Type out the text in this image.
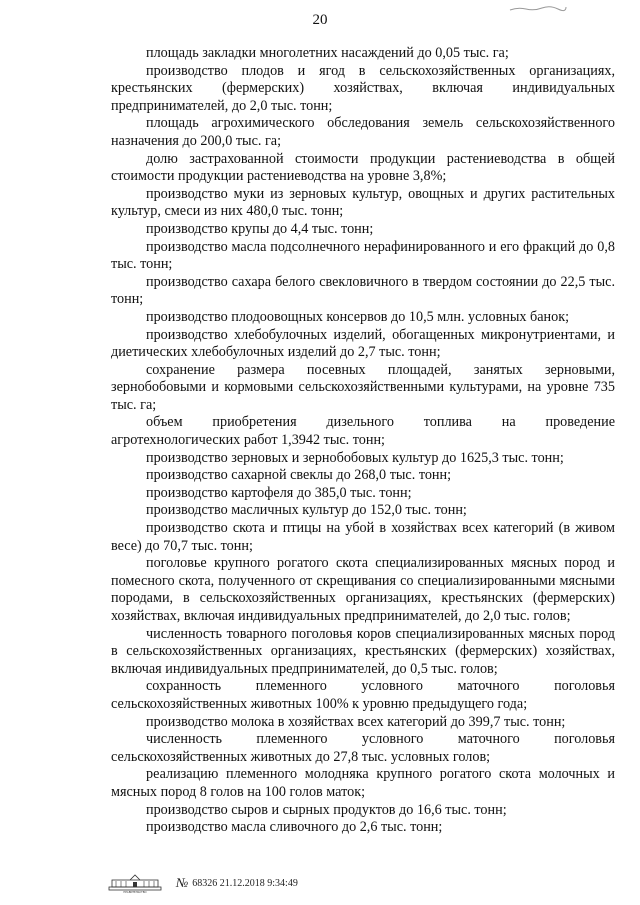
20

площадь закладки многолетних насаждений до 0,05 тыс. га;

производство плодов и ягод в сельскохозяйственных организациях, крестьянских (фермерских) хозяйствах, включая индивидуальных предпринимателей, до 2,0 тыс. тонн;

площадь агрохимического обследования земель сельскохозяйственного назначения до 200,0 тыс. га;

долю застрахованной стоимости продукции растениеводства в общей стоимости продукции растениеводства на уровне 3,8%;

производство муки из зерновых культур, овощных и других растительных культур, смеси из них 480,0 тыс. тонн;

производство крупы до 4,4 тыс. тонн;

производство масла подсолнечного нерафинированного и его фракций до 0,8 тыс. тонн;

производство сахара белого свекловичного в твердом состоянии до 22,5 тыс. тонн;

производство плодоовощных консервов до 10,5 млн. условных банок;

производство хлебобулочных изделий, обогащенных микронутриентами, и диетических хлебобулочных изделий до 2,7 тыс. тонн;

сохранение размера посевных площадей, занятых зерновыми, зернобобовыми и кормовыми сельскохозяйственными культурами, на уровне 735 тыс. га;

объем приобретения дизельного топлива на проведение агротехнологических работ 1,3942 тыс. тонн;

производство зерновых и зернобобовых культур до 1625,3 тыс. тонн;

производство сахарной свеклы до 268,0 тыс. тонн;

производство картофеля до 385,0 тыс. тонн;

производство масличных культур до 152,0 тыс. тонн;

производство скота и птицы на убой в хозяйствах всех категорий (в живом весе) до 70,7 тыс. тонн;

поголовье крупного рогатого скота специализированных мясных пород и помесного скота, полученного от скрещивания со специализированными мясными породами, в сельскохозяйственных организациях, крестьянских (фермерских) хозяйствах, включая индивидуальных предпринимателей, до 2,0 тыс. голов;

численность товарного поголовья коров специализированных мясных пород в сельскохозяйственных организациях, крестьянских (фермерских) хозяйствах, включая индивидуальных предпринимателей, до 0,5 тыс. голов;

сохранность племенного условного маточного поголовья сельскохозяйственных животных 100% к уровню предыдущего года;

производство молока в хозяйствах всех категорий до 399,7 тыс. тонн;

численность племенного условного маточного поголовья сельскохозяйственных животных до 27,8 тыс. условных голов;

реализацию племенного молодняка крупного рогатого скота молочных и мясных пород 8 голов на 100 голов маток;

производство сыров и сырных продуктов до 16,6 тыс. тонн;

производство масла сливочного до 2,6 тыс. тонн;

ПРАВИТЕЛЬСТВО
№ 68326 21.12.2018 9:34:49
